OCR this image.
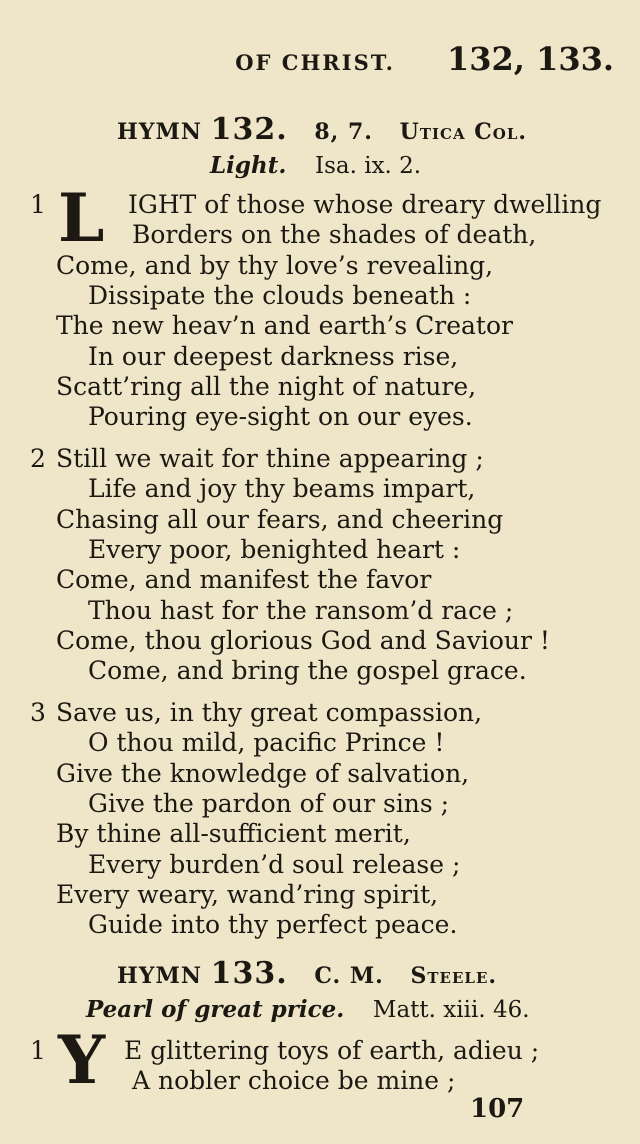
OF CHRIST. 132, 133.
HYMN 132. 8, 7. Utica Col.
Light. Isa. ix. 2.
1 L IGHT of those whose dreary dwelling
Borders on the shades of death,
Come, and by thy love’s revealing,
Dissipate the clouds beneath :
The new heav’n and earth’s Creator
In our deepest darkness rise,
Scatt’ring all the night of nature,
Pouring eye-sight on our eyes.
2 Still we wait for thine appearing ;
Life and joy thy beams impart,
Chasing all our fears, and cheering
Every poor, benighted heart :
Come, and manifest the favor
Thou hast for the ransom’d race ;
Come, thou glorious God and Saviour !
Come, and bring the gospel grace.
3 Save us, in thy great compassion,
O thou mild, pacific Prince !
Give the knowledge of salvation,
Give the pardon of our sins ;
By thine all-sufficient merit,
Every burden’d soul release ;
Every weary, wand’ring spirit,
Guide into thy perfect peace.
HYMN 133. C. M. Steele.
Pearl of great price. Matt. xiii. 46.
1 Y E glittering toys of earth, adieu ;
A nobler choice be mine ;
107
